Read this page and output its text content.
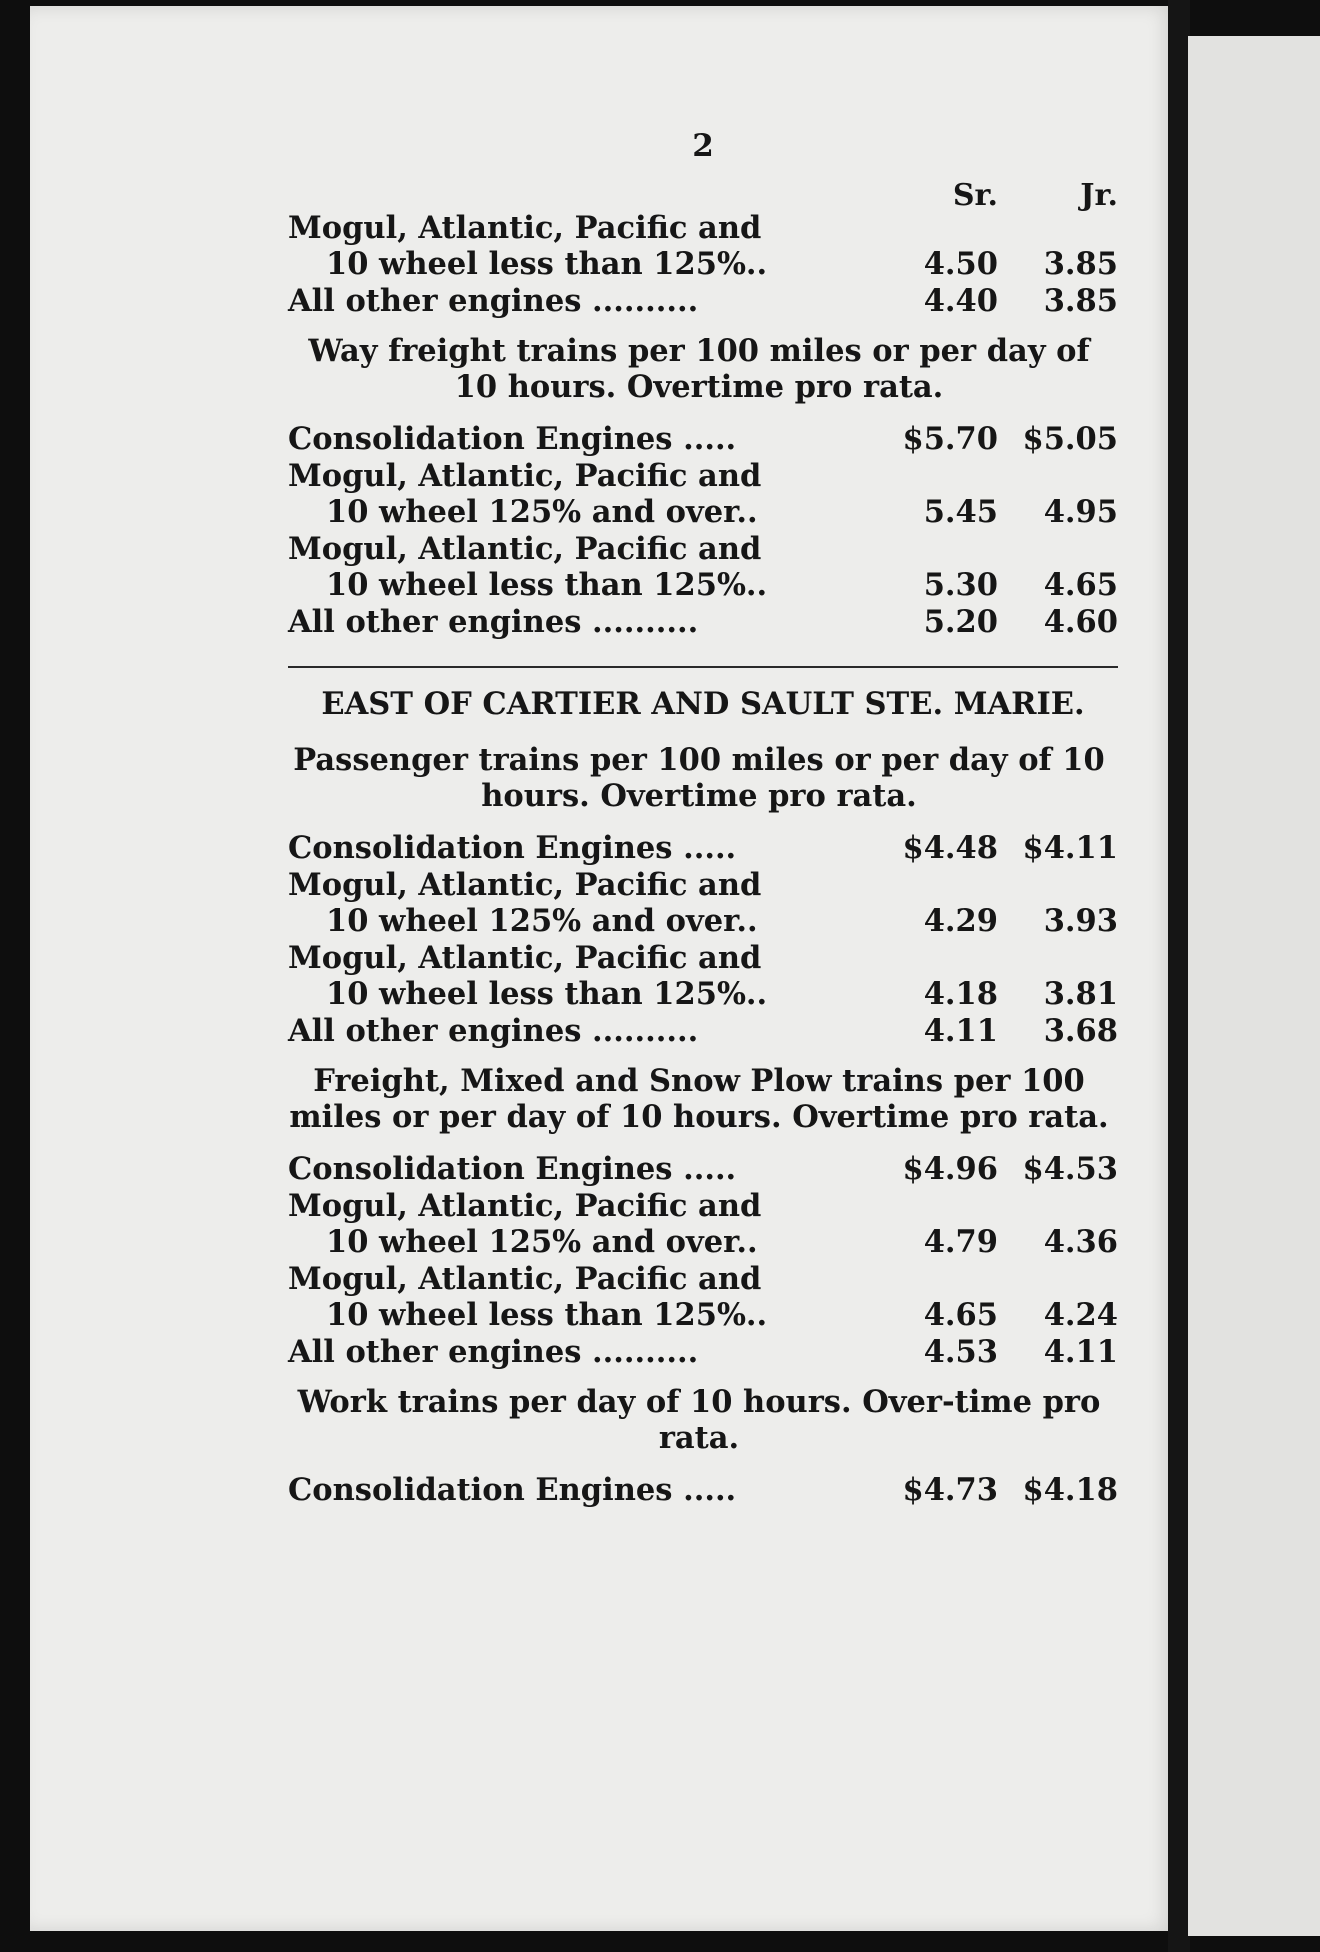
2
Sr.	Jr.
Mogul, Atlantic, Pacific and
10 wheel less than 125%..	4.50	3.85
All other engines ..........	4.40	3.85
Way freight trains per 100 miles or per day of 10 hours. Overtime pro rata.
Consolidation Engines .....	$5.70 $5.05
Mogul, Atlantic, Pacific and
10 wheel 125% and over..	5.45	4.95
Mogul, Atlantic, Pacific and
10 wheel less than 125%..	5.30	4.65
All other engines ..........	5.20	4.60
EAST OF CARTIER AND SAULT STE. MARIE.
Passenger trains per 100 miles or per day of 10 hours. Overtime pro rata.
Consolidation Engines .....	$4.48 $4.11
Mogul, Atlantic, Pacific and
10 wheel 125% and over..	4.29	3.93
Mogul, Atlantic, Pacific and
10 wheel less than 125%..	4.18	3.81
All other engines ..........	4.11	3.68
Freight, Mixed and Snow Plow trains per 100 miles or per day of 10 hours. Overtime pro rata.
Consolidation Engines .....	$4.96 $4.53
Mogul, Atlantic, Pacific and
10 wheel 125% and over..	4.79	4.36
Mogul, Atlantic, Pacific and
10 wheel less than 125%..	4.65	4.24
All other engines ..........	4.53	4.11
Work trains per day of 10 hours. Over-time pro rata.
Consolidation Engines .....	$4.73 $4.18
